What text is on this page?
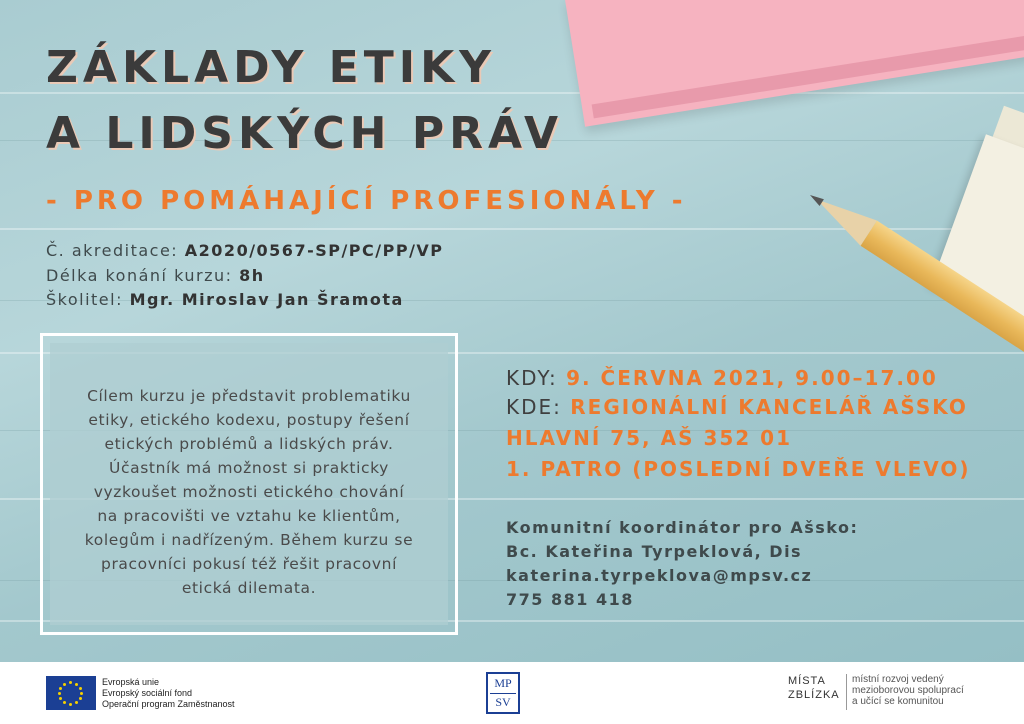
ZÁKLADY ETIKY
A LIDSKÝCH PRÁV
- PRO POMÁHAJÍCÍ PROFESIONÁLY -
Č. akreditace: A2020/0567-SP/PC/PP/VP
Délka konání kurzu: 8h
Školitel: Mgr. Miroslav Jan Šramota
Cílem kurzu je představit problematiku
etiky, etického kodexu, postupy řešení
etických problémů a lidských práv.
Účastník má možnost si prakticky
vyzkoušet možnosti etického chování
na pracovišti ve vztahu ke klientům,
kolegům i nadřízeným. Během kurzu se
pracovníci pokusí též řešit pracovní
etická dilemata.
KDY: 9. ČERVNA 2021, 9.00–17.00
KDE: REGIONÁLNÍ KANCELÁŘ AŠSKO
HLAVNÍ 75, AŠ 352 01
1. PATRO (POSLEDNÍ DVEŘE VLEVO)
Komunitní koordinátor pro Ašsko:
Bc. Kateřina Tyrpeklová, Dis
katerina.tyrpeklova@mpsv.cz
775 881 418
Evropská unie
Evropský sociální fond
Operační program Zaměstnanost
MP
SV
MÍSTA
ZBLÍZKA
místní rozvoj vedený
mezioborovou spoluprací
a učící se komunitou
